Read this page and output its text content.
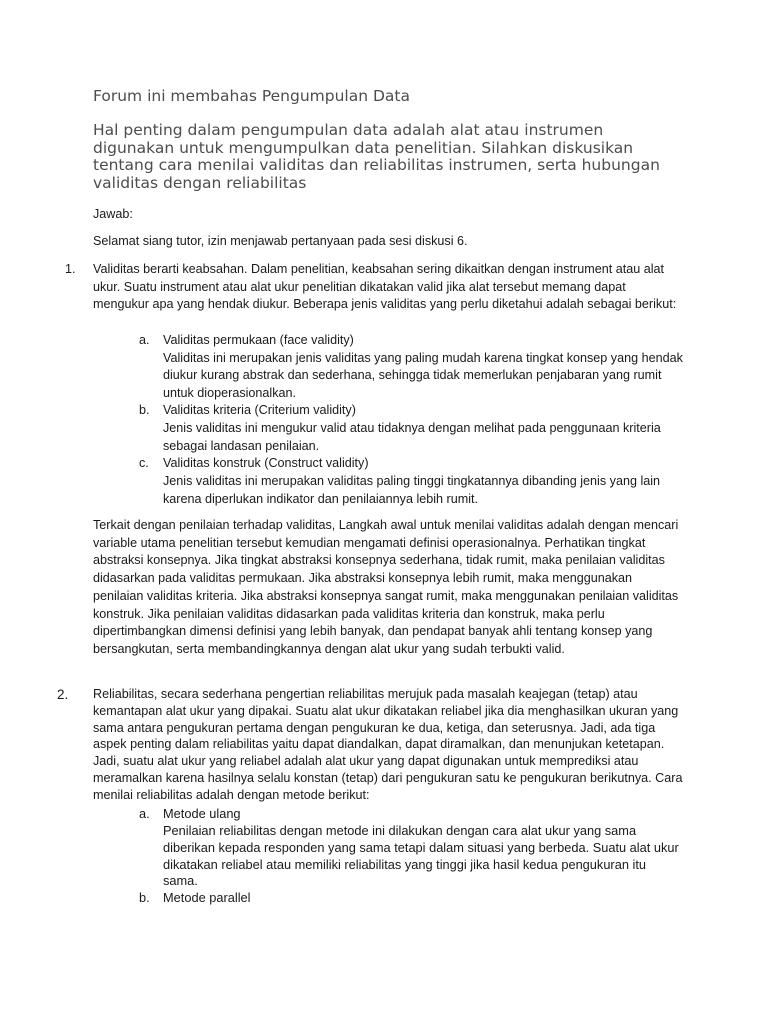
Forum ini membahas Pengumpulan Data
Hal penting dalam pengumpulan data adalah alat atau instrumen digunakan untuk mengumpulkan data penelitian. Silahkan diskusikan tentang cara menilai validitas dan reliabilitas instrumen, serta hubungan validitas dengan reliabilitas
Jawab:
Selamat siang tutor, izin menjawab pertanyaan pada sesi diskusi 6.
1. Validitas berarti keabsahan. Dalam penelitian, keabsahan sering dikaitkan dengan instrument atau alat ukur. Suatu instrument atau alat ukur penelitian dikatakan valid jika alat tersebut memang dapat mengukur apa yang hendak diukur. Beberapa jenis validitas yang perlu diketahui adalah sebagai berikut:
a. Validitas permukaan (face validity)
Validitas ini merupakan jenis validitas yang paling mudah karena tingkat konsep yang hendak diukur kurang abstrak dan sederhana, sehingga tidak memerlukan penjabaran yang rumit untuk dioperasionalkan.
b. Validitas kriteria (Criterium validity)
Jenis validitas ini mengukur valid atau tidaknya dengan melihat pada penggunaan kriteria sebagai landasan penilaian.
c. Validitas konstruk (Construct validity)
Jenis validitas ini merupakan validitas paling tinggi tingkatannya dibanding jenis yang lain karena diperlukan indikator dan penilaiannya lebih rumit.
Terkait dengan penilaian terhadap validitas, Langkah awal untuk menilai validitas adalah dengan mencari variable utama penelitian tersebut kemudian mengamati definisi operasionalnya. Perhatikan tingkat abstraksi konsepnya. Jika tingkat abstraksi konsepnya sederhana, tidak rumit, maka penilaian validitas didasarkan pada validitas permukaan. Jika abstraksi konsepnya lebih rumit, maka menggunakan penilaian validitas kriteria. Jika abstraksi konsepnya sangat rumit, maka menggunakan penilaian validitas konstruk. Jika penilaian validitas didasarkan pada validitas kriteria dan konstruk, maka perlu dipertimbangkan dimensi definisi yang lebih banyak, dan pendapat banyak ahli tentang konsep yang bersangkutan, serta membandingkannya dengan alat ukur yang sudah terbukti valid.
2. Reliabilitas, secara sederhana pengertian reliabilitas merujuk pada masalah keajegan (tetap) atau kemantapan alat ukur yang dipakai. Suatu alat ukur dikatakan reliabel jika dia menghasilkan ukuran yang sama antara pengukuran pertama dengan pengukuran ke dua, ketiga, dan seterusnya. Jadi, ada tiga aspek penting dalam reliabilitas yaitu dapat diandalkan, dapat diramalkan, dan menunjukan ketetapan. Jadi, suatu alat ukur yang reliabel adalah alat ukur yang dapat digunakan untuk memprediksi atau meramalkan karena hasilnya selalu konstan (tetap) dari pengukuran satu ke pengukuran berikutnya. Cara menilai reliabilitas adalah dengan metode berikut:
a. Metode ulang
Penilaian reliabilitas dengan metode ini dilakukan dengan cara alat ukur yang sama diberikan kepada responden yang sama tetapi dalam situasi yang berbeda. Suatu alat ukur dikatakan reliabel atau memiliki reliabilitas yang tinggi jika hasil kedua pengukuran itu sama.
b. Metode parallel
